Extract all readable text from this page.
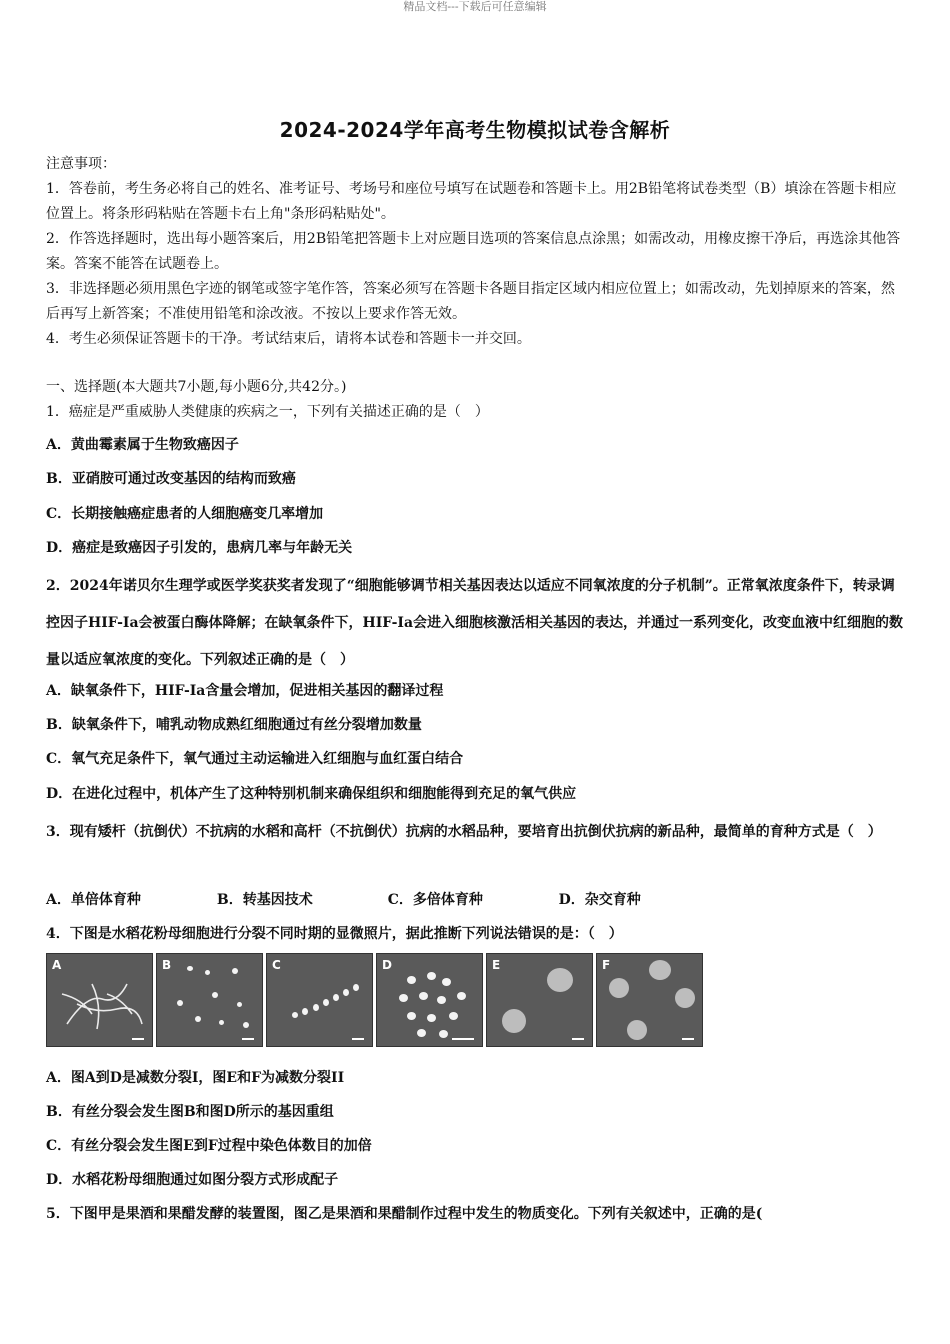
精品文档---下载后可任意编辑
2024-2024学年高考生物模拟试卷含解析

注意事项：

1．答卷前，考生务必将自己的姓名、准考证号、考场号和座位号填写在试题卷和答题卡上。用2B铅笔将试卷类型（B）填涂在答题卡相应位置上。将条形码粘贴在答题卡右上角"条形码粘贴处"。

2．作答选择题时，选出每小题答案后，用2B铅笔把答题卡上对应题目选项的答案信息点涂黑；如需改动，用橡皮擦干净后，再选涂其他答案。答案不能答在试题卷上。

3．非选择题必须用黑色字迹的钢笔或签字笔作答，答案必须写在答题卡各题目指定区域内相应位置上；如需改动，先划掉原来的答案，然后再写上新答案；不准使用铅笔和涂改液。不按以上要求作答无效。

4．考生必须保证答题卡的干净。考试结束后，请将本试卷和答题卡一并交回。

一、选择题(本大题共7小题,每小题6分,共42分。)

1．癌症是严重威胁人类健康的疾病之一，下列有关描述正确的是（　）

A．黄曲霉素属于生物致癌因子

B．亚硝胺可通过改变基因的结构而致癌

C．长期接触癌症患者的人细胞癌变几率增加

D．癌症是致癌因子引发的，患病几率与年龄无关

2．2024年诺贝尔生理学或医学奖获奖者发现了“细胞能够调节相关基因表达以适应不同氧浓度的分子机制”。正常氧浓度条件下，转录调控因子HIF-Ia会被蛋白酶体降解；在缺氧条件下，HIF-Ia会进入细胞核激活相关基因的表达，并通过一系列变化，改变血液中红细胞的数量以适应氧浓度的变化。下列叙述正确的是（　）

A．缺氧条件下，HIF-Ia含量会增加，促进相关基因的翻译过程

B．缺氧条件下，哺乳动物成熟红细胞通过有丝分裂增加数量

C．氧气充足条件下，氧气通过主动运输进入红细胞与血红蛋白结合

D．在进化过程中，机体产生了这种特别机制来确保组织和细胞能得到充足的氧气供应

3．现有矮杆（抗倒伏）不抗病的水稻和高杆（不抗倒伏）抗病的水稻品种，要培育出抗倒伏抗病的新品种，最简单的育种方式是（　）

A．单倍体育种	B．转基因技术	C．多倍体育种	D．杂交育种

4．下图是水稻花粉母细胞进行分裂不同时期的显微照片，据此推断下列说法错误的是：（　）

A	B	C	D	E	F

A．图A到D是减数分裂I，图E和F为减数分裂II

B．有丝分裂会发生图B和图D所示的基因重组

C．有丝分裂会发生图E到F过程中染色体数目的加倍

D．水稻花粉母细胞通过如图分裂方式形成配子

5．下图甲是果酒和果醋发酵的装置图，图乙是果酒和果醋制作过程中发生的物质变化。下列有关叙述中，正确的是(
